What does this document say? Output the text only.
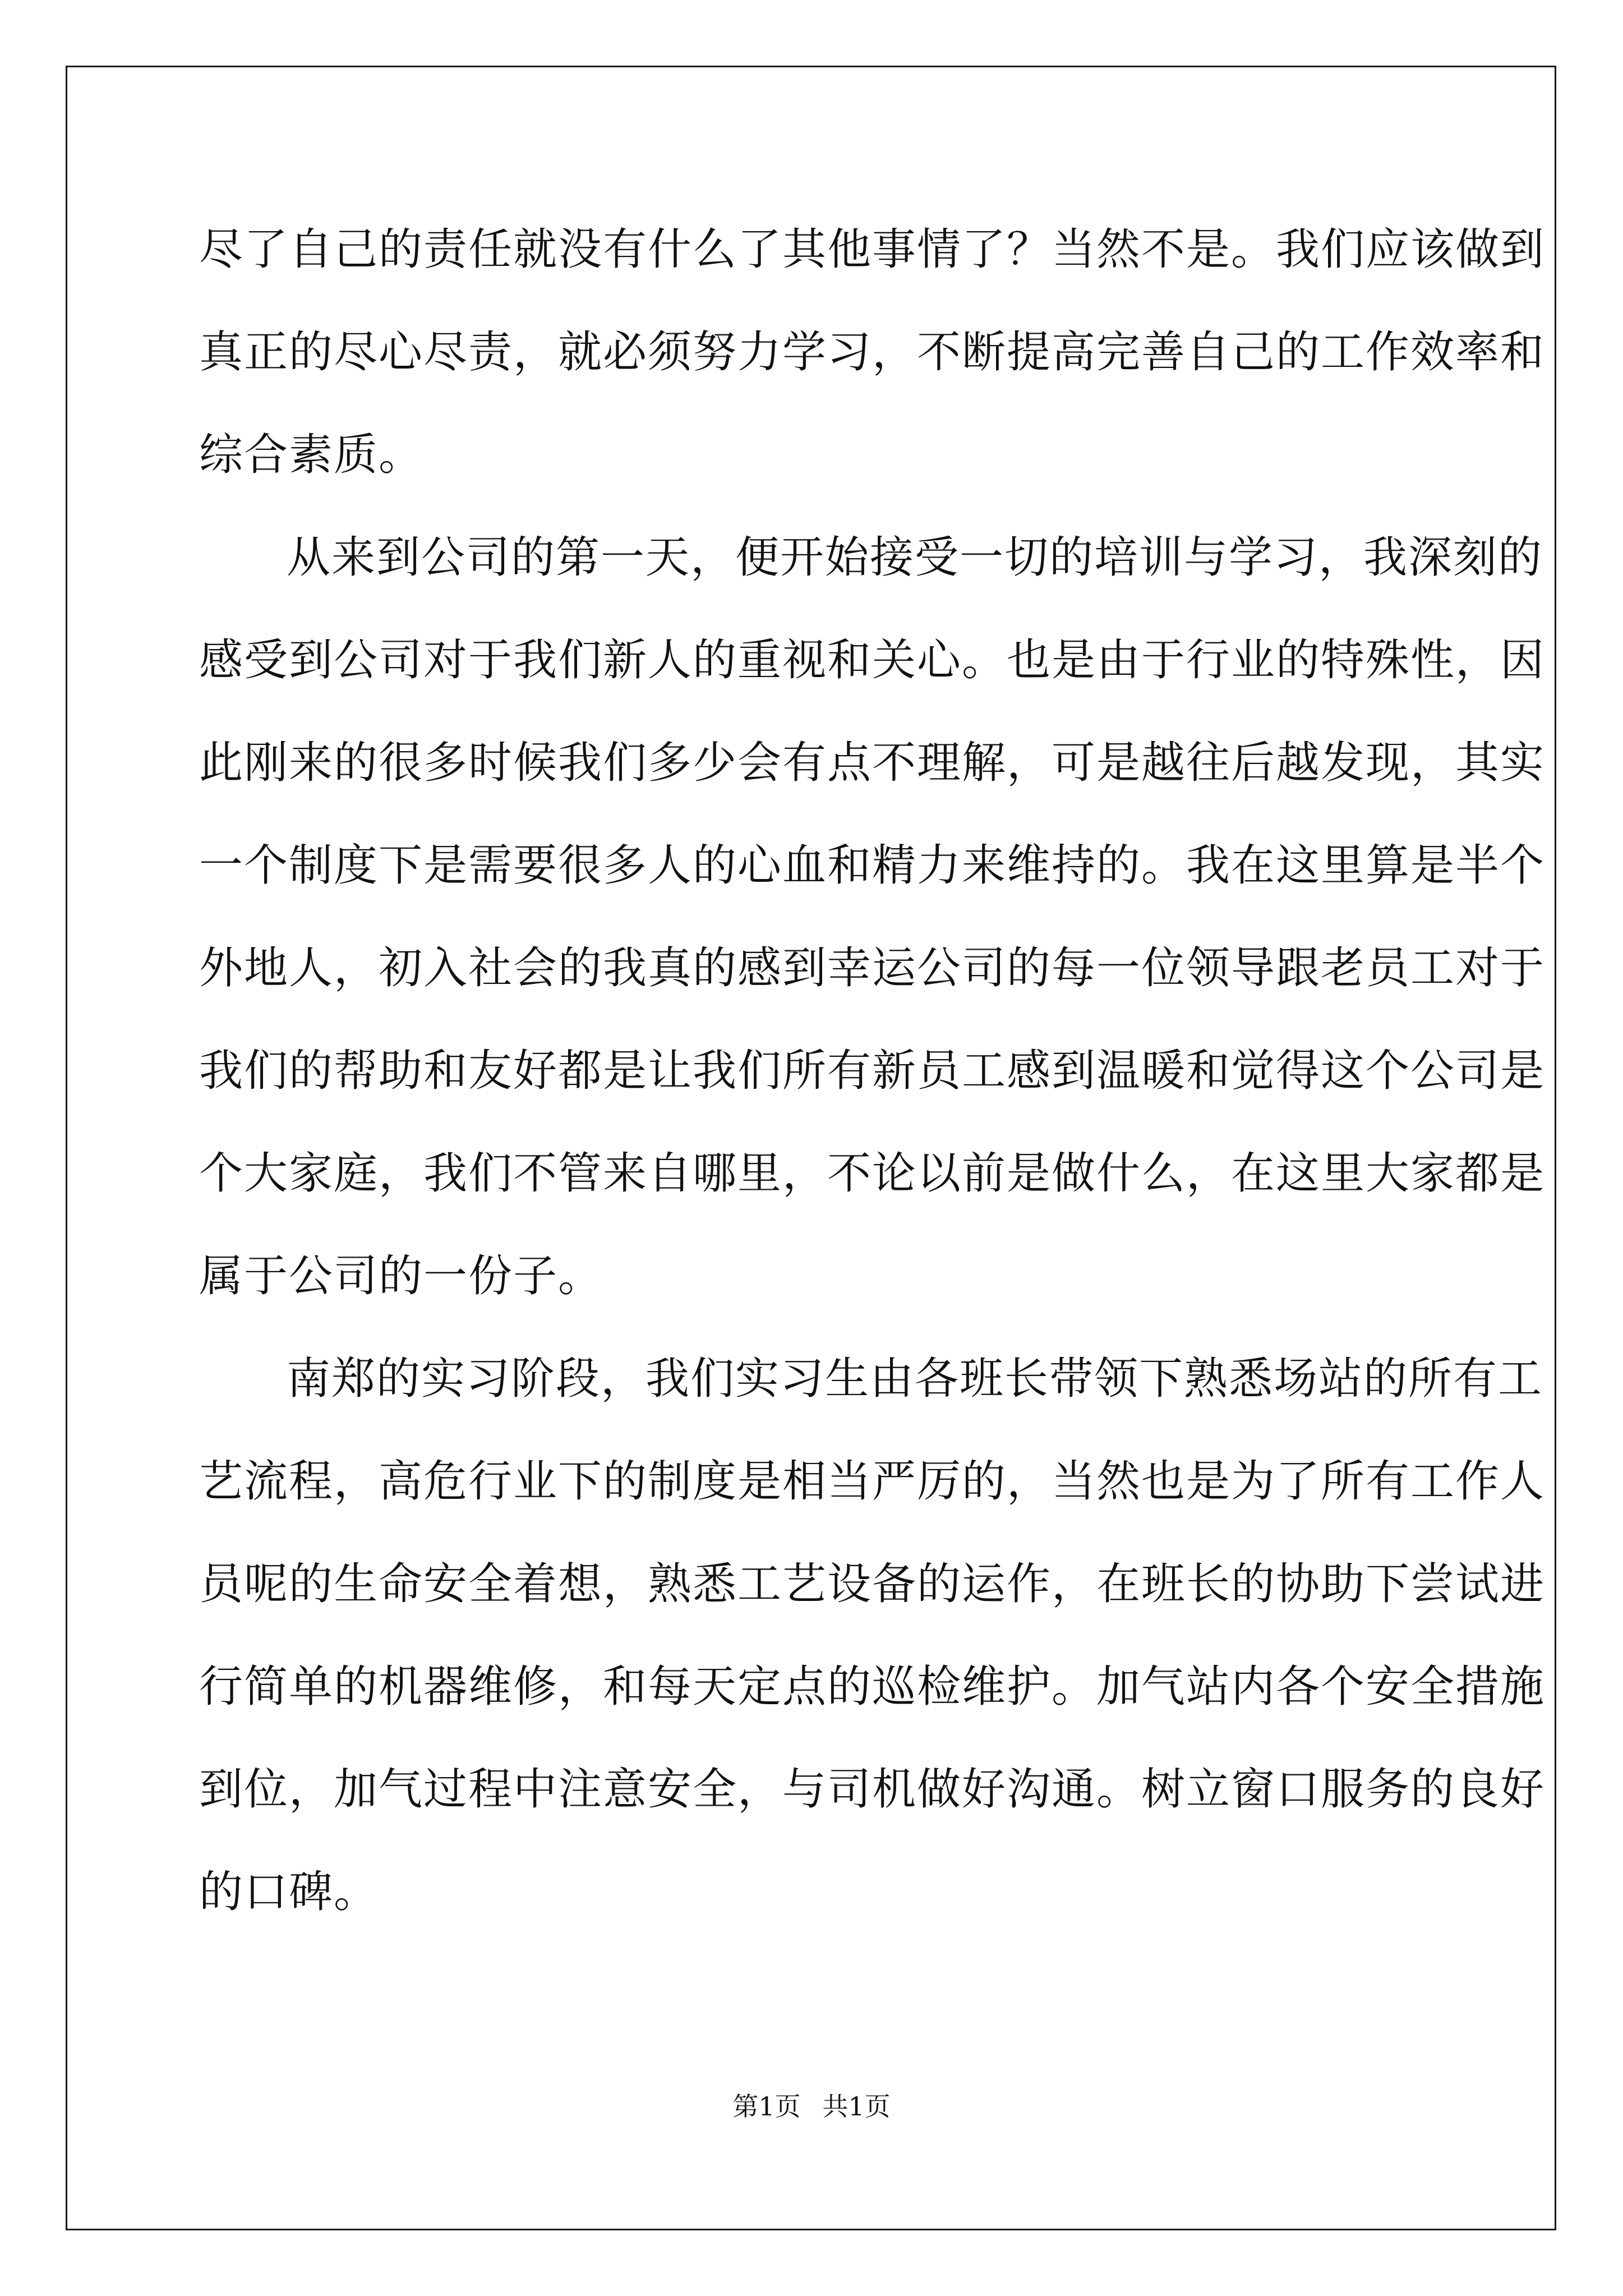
尽了自己的责任就没有什么了其他事情了？当然不是。我们应该做到
真正的尽心尽责，就必须努力学习，不断提高完善自己的工作效率和
综合素质。
从来到公司的第一天，便开始接受一切的培训与学习，我深刻的
感受到公司对于我们新人的重视和关心。也是由于行业的特殊性，因
此刚来的很多时候我们多少会有点不理解，可是越往后越发现，其实
一个制度下是需要很多人的心血和精力来维持的。我在这里算是半个
外地人，初入社会的我真的感到幸运公司的每一位领导跟老员工对于
我们的帮助和友好都是让我们所有新员工感到温暖和觉得这个公司是
个大家庭，我们不管来自哪里，不论以前是做什么，在这里大家都是
属于公司的一份子。
南郑的实习阶段，我们实习生由各班长带领下熟悉场站的所有工
艺流程，高危行业下的制度是相当严厉的，当然也是为了所有工作人
员呢的生命安全着想，熟悉工艺设备的运作，在班长的协助下尝试进
行简单的机器维修，和每天定点的巡检维护。加气站内各个安全措施
到位，加气过程中注意安全，与司机做好沟通。树立窗口服务的良好
的口碑。
第1页 共1页
